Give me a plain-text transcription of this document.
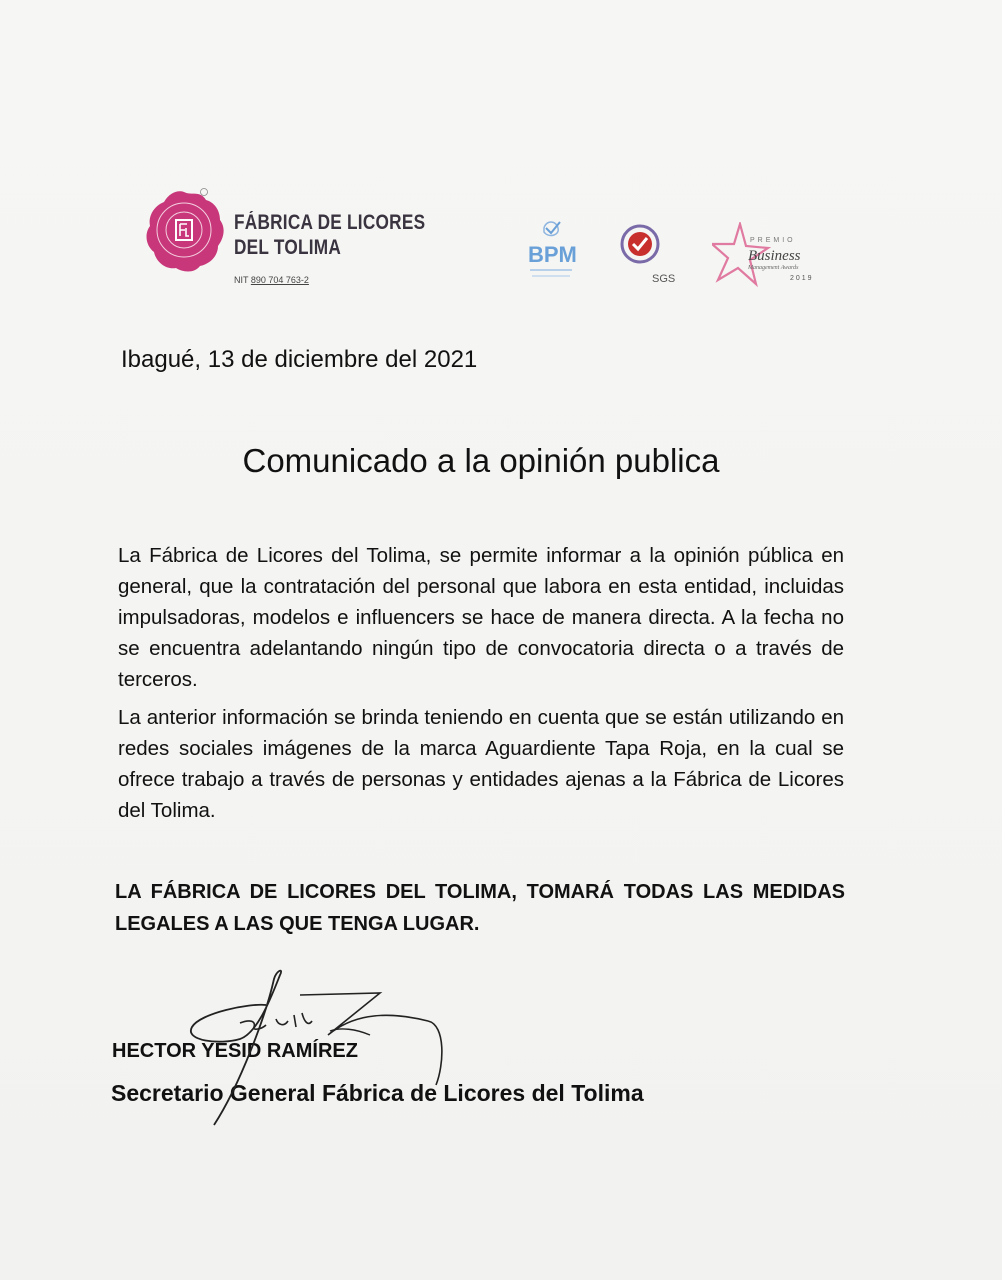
FÁBRICA DE LICORES
DEL TOLIMA
NIT 890 704 763-2
BPM
SGS
PREMIO
Business
Management Awards
2019
Ibagué, 13 de diciembre del 2021
Comunicado a la opinión publica
La Fábrica de Licores del Tolima, se permite informar a la opinión pública en general, que la contratación del personal que labora en esta entidad, incluidas impulsadoras, modelos e influencers se hace de manera directa. A la fecha no se encuentra adelantando ningún tipo de convocatoria directa o a través de terceros.
La anterior información se brinda teniendo en cuenta que se están utilizando en redes sociales imágenes de la marca Aguardiente Tapa Roja, en la cual se ofrece trabajo a través de personas y entidades ajenas a la Fábrica de Licores del Tolima.
LA FÁBRICA DE LICORES DEL TOLIMA, TOMARÁ TODAS LAS MEDIDAS LEGALES A LAS QUE TENGA LUGAR.
HECTOR YESID RAMÍREZ
Secretario General Fábrica de Licores del Tolima
